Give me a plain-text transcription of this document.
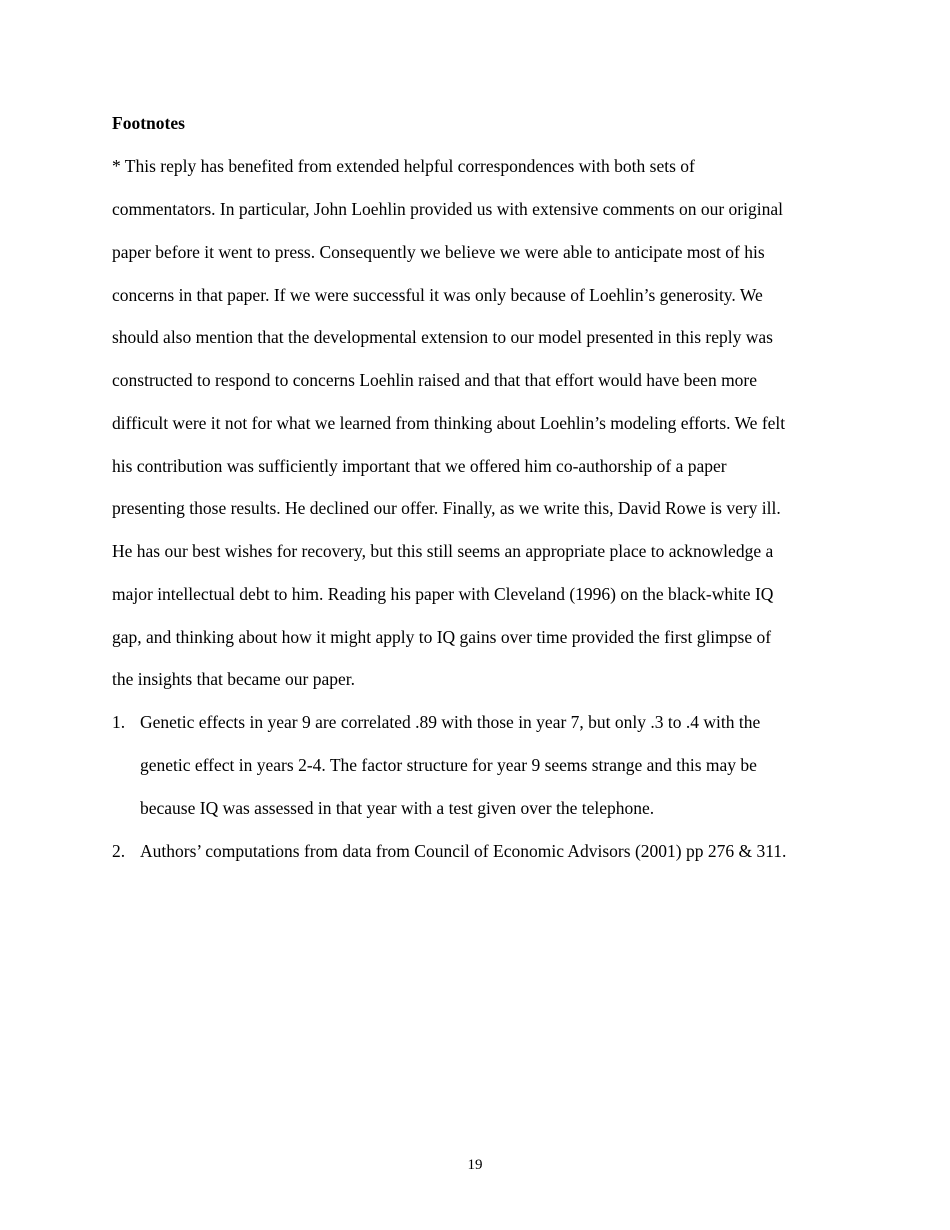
Footnotes
* This reply has benefited from extended helpful correspondences with both sets of
commentators. In particular, John Loehlin provided us with extensive comments on our original
paper before it went to press. Consequently we believe we were able to anticipate most of his
concerns in that paper. If we were successful it was only because of Loehlin’s generosity. We
should also mention that the developmental extension to our model presented in this reply was
constructed to respond to concerns Loehlin raised and that that effort would have been more
difficult were it not for what we learned from thinking about Loehlin’s modeling efforts. We felt
his contribution was sufficiently important that we offered him co-authorship of a paper
presenting those results. He declined our offer. Finally, as we write this, David Rowe is very ill.
He has our best wishes for recovery, but this still seems an appropriate place to acknowledge a
major intellectual debt to him. Reading his paper with Cleveland (1996) on the black-white IQ
gap, and thinking about how it might apply to IQ gains over time provided the first glimpse of
the insights that became our paper.
1. Genetic effects in year 9 are correlated .89 with those in year 7, but only .3 to .4 with the
genetic effect in years 2-4. The factor structure for year 9 seems strange and this may be
because IQ was assessed in that year with a test given over the telephone.
2. Authors’ computations from data from Council of Economic Advisors (2001) pp 276 & 311.
19
